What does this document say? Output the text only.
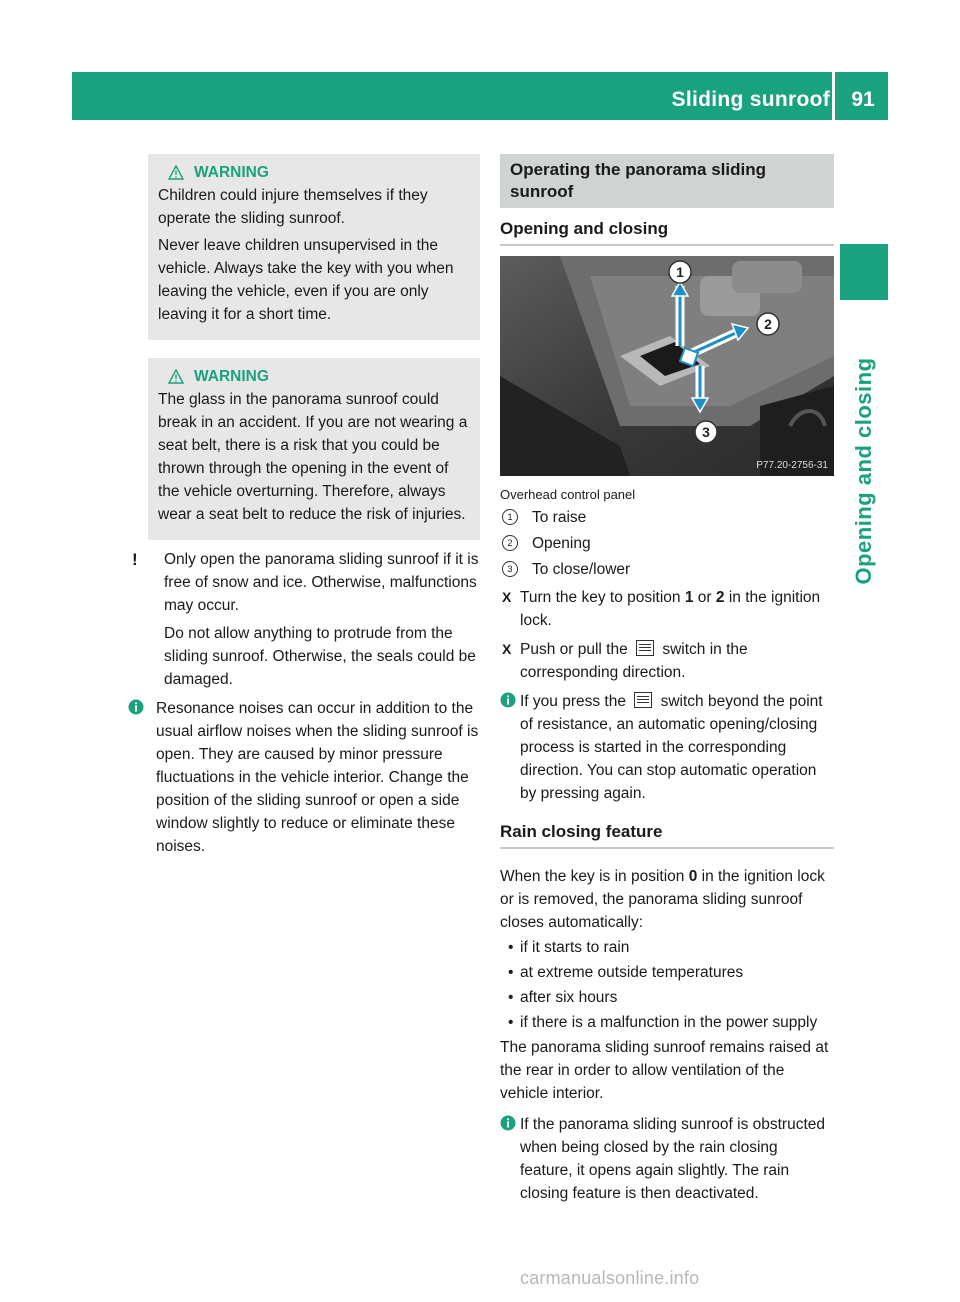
Sliding sunroof	91
Opening and closing
WARNING

Children could injure themselves if they operate the sliding sunroof.

Never leave children unsupervised in the vehicle. Always take the key with you when leaving the vehicle, even if you are only leaving it for a short time.

WARNING

The glass in the panorama sunroof could break in an accident. If you are not wearing a seat belt, there is a risk that you could be thrown through the opening in the event of the vehicle overturning. Therefore, always wear a seat belt to reduce the risk of injuries.

!	Only open the panorama sliding sunroof if it is free of snow and ice. Otherwise, malfunctions may occur.

Do not allow anything to protrude from the sliding sunroof. Otherwise, the seals could be damaged.

Resonance noises can occur in addition to the usual airflow noises when the sliding sunroof is open. They are caused by minor pressure fluctuations in the vehicle interior. Change the position of the sliding sunroof or open a side window slightly to reduce or eliminate these noises.

Operating the panorama sliding sunroof
Opening and closing
1
2
3
P77.20-2756-31
Overhead control panel
1	To raise
2	Opening
3	To close/lower
X Turn the key to position 1 or 2 in the ignition lock.
X Push or pull the switch in the corresponding direction.
If you press the switch beyond the point of resistance, an automatic opening/closing process is started in the corresponding direction. You can stop automatic operation by pressing again.
Rain closing feature

When the key is in position 0 in the ignition lock or is removed, the panorama sliding sunroof closes automatically:

• if it starts to rain
• at extreme outside temperatures
• after six hours
• if there is a malfunction in the power supply

The panorama sliding sunroof remains raised at the rear in order to allow ventilation of the vehicle interior.

If the panorama sliding sunroof is obstructed when being closed by the rain closing feature, it opens again slightly. The rain closing feature is then deactivated.
carmanualsonline.info
